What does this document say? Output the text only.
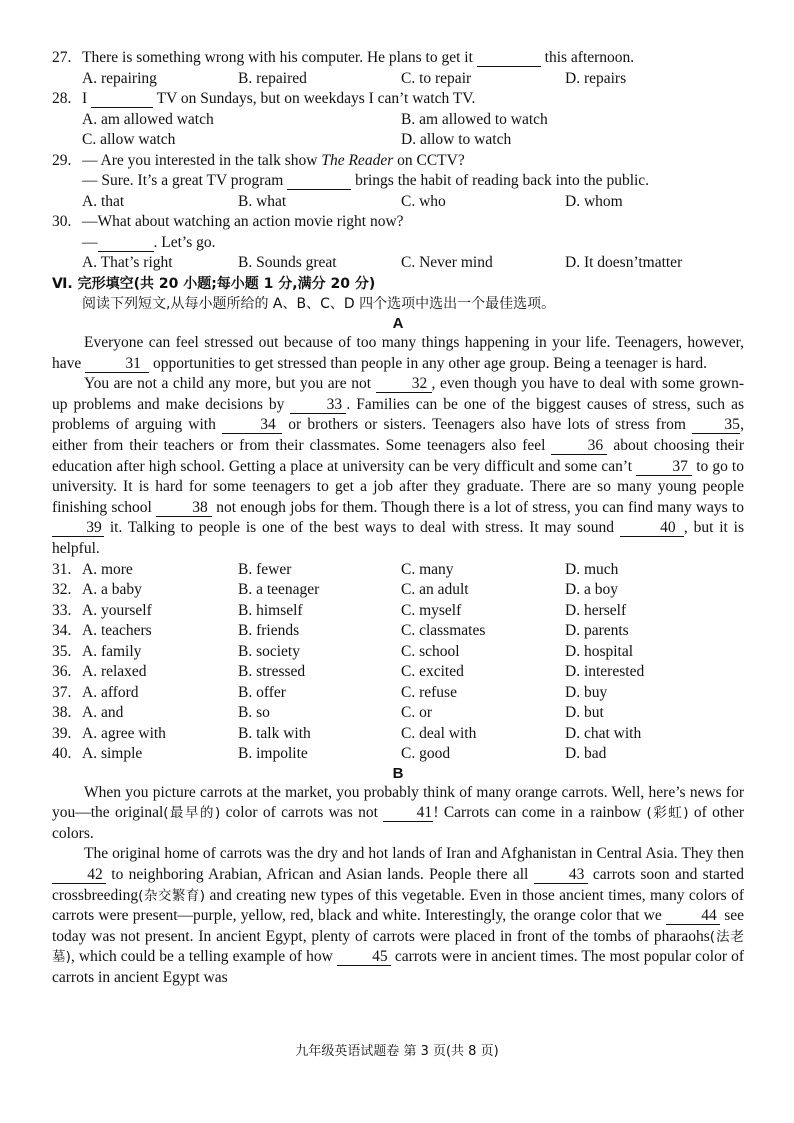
27. There is something wrong with his computer. He plans to get it	this afternoon.
A. repairing	B. repaired	C. to repair	D. repairs
28. I	TV on Sundays, but on weekdays I can’t watch TV.
A. am allowed watch	B. am allowed to watch
C. allow watch	D. allow to watch
29. — Are you interested in the talk show The Reader on CCTV?
— Sure. It’s a great TV program	brings the habit of reading back into the public.
A. that	B. what	C. who	D. whom
30. —What about watching an action movie right now?
—	. Let’s go.
A. That’s right	B. Sounds great	C. Never mind	D. It doesn’tmatter
Ⅵ. 完形填空(共 20 小题;每小题 1 分,满分 20 分)
阅读下列短文,从每小题所给的 A、B、C、D 四个选项中选出一个最佳选项。
A

Everyone can feel stressed out because of too many things happening in your life. Teenagers, however, have	31 opportunities to get stressed than people in any other age group. Being a teenager is hard.

You are not a child any more, but you are not 32 , even though you have to deal with some grown-up problems and make decisions by 33 . Families can be one of the biggest causes of stress, such as problems of arguing with 34 or brothers or sisters. Teenagers also have lots of stress from 35, either from their teachers or from their classmates. Some teenagers also feel 36 about choosing their education after high school. Getting a place at university can be very difficult and some can’t 37 to go to university. It is hard for some teenagers to get a job after they graduate. There are so many young people finishing school 38 not enough jobs for them. Though there is a lot of stress, you can find many ways to 39 it. Talking to people is one of the best ways to deal with stress. It may sound	40 , but it is helpful.

31. A. more	B. fewer	C. many	D. much
32. A. a baby	B. a teenager	C. an adult	D. a boy
33. A. yourself	B. himself	C. myself	D. herself
34. A. teachers	B. friends	C. classmates	D. parents
35. A. family	B. society	C. school	D. hospital
36. A. relaxed	B. stressed	C. excited	D. interested
37. A. afford	B. offer	C. refuse	D. buy
38. A. and	B. so	C. or	D. but
39. A. agree with	B. talk with	C. deal with	D. chat with
40. A. simple	B. impolite	C. good	D. bad
B

When you picture carrots at the market, you probably think of many orange carrots. Well, here’s news for you—the original(最早的) color of carrots was not 41! Carrots can come in a rainbow (彩虹) of other colors.

The original home of carrots was the dry and hot lands of Iran and Afghanistan in Central Asia. They then 42 to neighboring Arabian, African and Asian lands. People there all 43 carrots soon and started crossbreeding(杂交繁育) and creating new types of this vegetable. Even in those ancient times, many colors of carrots were present—purple, yellow, red, black and white. Interestingly, the orange color that we 44 see today was not present. In ancient Egypt, plenty of carrots were placed in front of the tombs of pharaohs(法老墓), which could be a telling example of how 45 carrots were in ancient times. The most popular color of carrots in ancient Egypt was

九年级英语试题卷 第 3 页(共 8 页)
